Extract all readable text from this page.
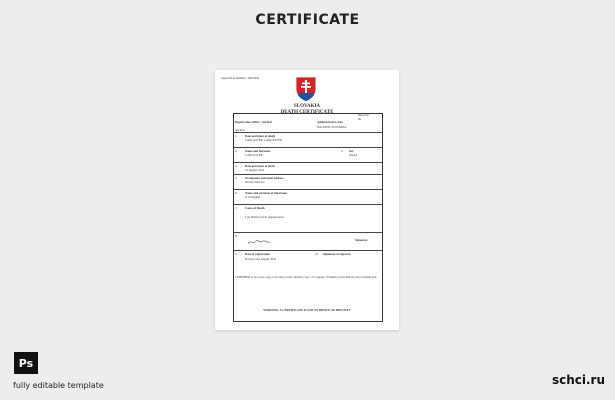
CERTIFICATE
Application Number: 18225941
SLOVAKIA
DEATH CERTIFICATE	Sheet No.
09
Registration Office / Nachod
Nachod
Administrative area
NACHOD, SLOVAKIA
1.	Date and place of death
LANCASTER, LANCASTER
2.	Name and Surname
LANCASTER
3. Sex
MALE
4.	Date and place of birth
13 August 1954
5.	Occupation and usual address
Worker Director
6.	Name and surname of informant
(1) Daughter
7.	Cause of Death
I (a) Primary heart degeneration
8.
Signature
9.	Date of registration
Nachod 31st August 2022
10. Signature of registrar
CERTIFIED to be a true copy of an entry in the certified copy of a register of Deaths, in the District above mentioned.
WARNING: A CERTIFICATE IS NOT EVIDENCE OF IDENTITY
Ps
fully editable template	schci.ru
